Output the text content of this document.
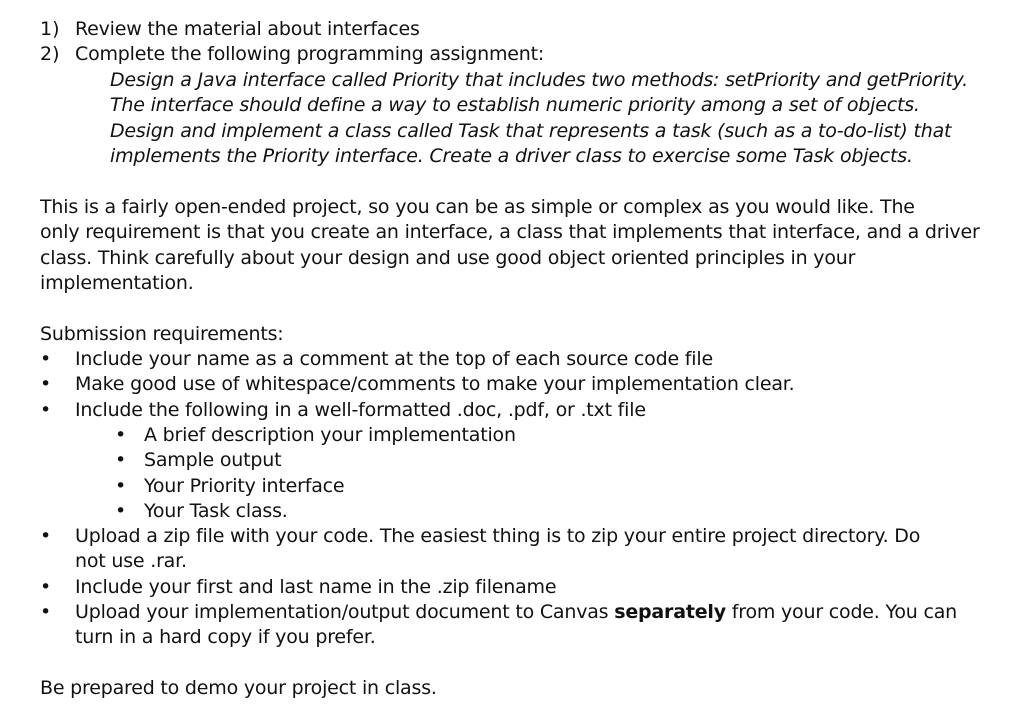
1) Review the material about interfaces
2) Complete the following programming assignment:
Design a Java interface called Priority that includes two methods: setPriority and getPriority.
The interface should define a way to establish numeric priority among a set of objects.
Design and implement a class called Task that represents a task (such as a to-do-list) that
implements the Priority interface. Create a driver class to exercise some Task objects.
This is a fairly open-ended project, so you can be as simple or complex as you would like. The
only requirement is that you create an interface, a class that implements that interface, and a driver
class. Think carefully about your design and use good object oriented principles in your
implementation.
Submission requirements:
• Include your name as a comment at the top of each source code file
• Make good use of whitespace/comments to make your implementation clear.
• Include the following in a well-formatted .doc, .pdf, or .txt file
• A brief description your implementation
• Sample output
• Your Priority interface
• Your Task class.
• Upload a zip file with your code. The easiest thing is to zip your entire project directory. Do
not use .rar.
• Include your first and last name in the .zip filename
• Upload your implementation/output document to Canvas separately from your code. You can
turn in a hard copy if you prefer.
Be prepared to demo your project in class.
